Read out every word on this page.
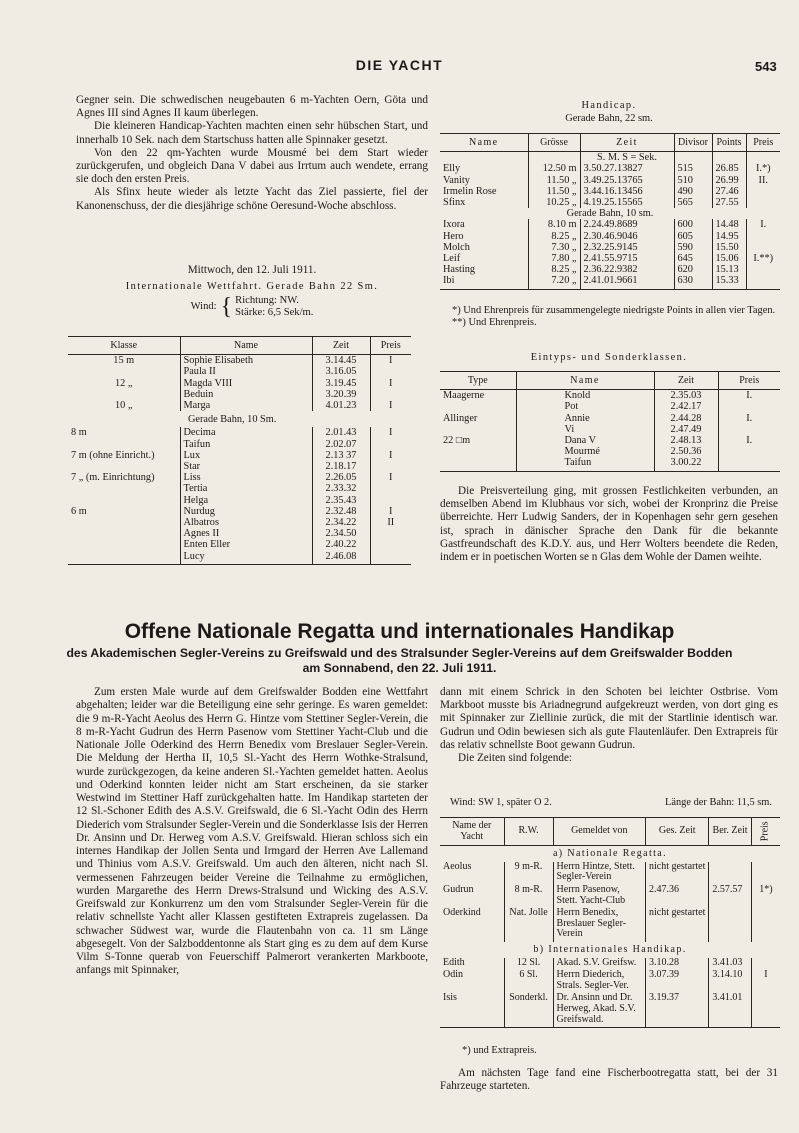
DIE YACHT	543

Gegner sein. Die schwedischen neugebauten 6 m-Yachten Oern, Göta und Agnes III sind Agnes II kaum überlegen.

Die kleineren Handicap-Yachten machten einen sehr hübschen Start, und innerhalb 10 Sek. nach dem Startschuss hatten alle Spinnaker gesetzt.

Von den 22 qm-Yachten wurde Mousmé bei dem Start wieder zurückgerufen, und obgleich Dana V dabei aus Irrtum auch wendete, errang sie doch den ersten Preis.

Als Sfinx heute wieder als letzte Yacht das Ziel passierte, fiel der Kanonenschuss, der die diesjährige schöne Oeresund-Woche abschloss.

Mittwoch, den 12. Juli 1911.

Internationale Wettfahrt. Gerade Bahn 22 Sm.

Wind: { Richtung: NW.
Stärke: 6,5 Sek/m.
Klasse	Name	Zeit	Preis
15 m	Sophie Elisabeth	3.14.45	I
	Paula II	3.16.05	
12 „	Magda VIII	3.19.45	I
	Beduin	3.20.39	
10 „	Marga	4.01.23	I
Gerade Bahn, 10 Sm.			
8 m	Decima	2.01.43	I
	Taifun	2.02.07	
7 m (ohne Einricht.)	Lux	2.13 37	I
	Star	2.18.17	
7 „ (m. Einrichtung)	Liss	2.26.05	I
	Tertia	2.33.32	
	Helga	2.35.43	
6 m	Nurdug	2.32.48	I
	Albatros	2.34.22	II
	Agnes II	2.34.50	
	Enten Eller	2.40.22	
	Lucy	2.46.08	

Handicap.

Gerade Bahn, 22 sm.

Name	Grösse	Zeit	Divisor	Points	Preis
		S. M. S = Sek.			
Elly	12.50 m	3.50.27.13827	515	26.85	I.*)
Vanity	11.50 „	3.49.25.13765	510	26.99	II.
Irmelin Rose	11.50 „	3.44.16.13456	490	27.46	
Sfinx	10.25 „	4.19.25.15565	565	27.55	
Gerade Bahn, 10 sm.					
Ixora	8.10 m	2.24.49.8689	600	14.48	I.
Hero	8.25 „	2.30.46.9046	605	14.95	
Molch	7.30 „	2.32.25.9145	590	15.50	
Leif	7.80 „	2.41.55.9715	645	15.06	I.**)
Hasting	8.25 „	2.36.22.9382	620	15.13	
Ibi	7.20 „	2.41.01.9661	630	15.33	
*) Und Ehrenpreis für zusammengelegte niedrigste Points in allen vier Tagen.
**) Und Ehrenpreis.

Eintyps- und Sonderklassen.

Type	Name	Zeit	Preis
Maagerne	Knold	2.35.03	I.
	Pot	2.42.17	
Allinger	Annie	2.44.28	I.
	Vi	2.47.49	
22 □m	Dana V	2.48.13	I.
	Mourmé	2.50.36	
	Taifun	3.00.22	

Die Preisverteilung ging, mit grossen Festlichkeiten verbunden, an demselben Abend im Klubhaus vor sich, wobei der Kronprinz die Preise überreichte. Herr Ludwig Sanders, der in Kopenhagen sehr gern gesehen ist, sprach in dänischer Sprache den Dank für die bekannte Gastfreundschaft des K.D.Y. aus, und Herr Wolters beendete die Reden, indem er in poetischen Worten se n Glas dem Wohle der Damen weihte.

Offene Nationale Regatta und internationales Handikap
des Akademischen Segler-Vereins zu Greifswald und des Stralsunder Segler-Vereins auf dem Greifswalder Bodden
am Sonnabend, den 22. Juli 1911.

Zum ersten Male wurde auf dem Greifswalder Bodden eine Wettfahrt abgehalten; leider war die Beteiligung eine sehr geringe. Es waren gemeldet: die 9 m-R-Yacht Aeolus des Herrn G. Hintze vom Stettiner Segler-Verein, die 8 m-R-Yacht Gudrun des Herrn Pasenow vom Stettiner Yacht-Club und die Nationale Jolle Oderkind des Herrn Benedix vom Breslauer Segler-Verein. Die Meldung der Hertha II, 10,5 Sl.-Yacht des Herrn Wothke-Stralsund, wurde zurückgezogen, da keine anderen Sl.-Yachten gemeldet hatten. Aeolus und Oderkind konnten leider nicht am Start erscheinen, da sie starker Westwind im Stettiner Haff zurückgehalten hatte. Im Handikap starteten der 12 Sl.-Schoner Edith des A.S.V. Greifswald, die 6 Sl.-Yacht Odin des Herrn Diederich vom Stralsunder Segler-Verein und die Sonderklasse Isis der Herren Dr. Ansinn und Dr. Herweg vom A.S.V. Greifswald. Hieran schloss sich ein internes Handikap der Jollen Senta und Irmgard der Herren Ave Lallemand und Thinius vom A.S.V. Greifswald. Um auch den älteren, nicht nach Sl. vermessenen Fahrzeugen beider Vereine die Teilnahme zu ermöglichen, wurden Margarethe des Herrn Drews-Stralsund und Wicking des A.S.V. Greifswald zur Konkurrenz um den vom Stralsunder Segler-Verein für die relativ schnellste Yacht aller Klassen gestifteten Extrapreis zugelassen. Da schwacher Südwest war, wurde die Flautenbahn von ca. 11 sm Länge abgesegelt. Von der Salzboddentonne als Start ging es zu dem auf dem Kurse Vilm S-Tonne querab von Feuerschiff Palmerort verankerten Markboote, anfangs mit Spinnaker,

dann mit einem Schrick in den Schoten bei leichter Ostbrise. Vom Markboot musste bis Ariadnegrund aufgekreuzt werden, von dort ging es mit Spinnaker zur Ziellinie zurück, die mit der Startlinie identisch war. Gudrun und Odin bewiesen sich als gute Flautenläufer. Den Extrapreis für das relativ schnellste Boot gewann Gudrun.

Die Zeiten sind folgende:

Wind: SW 1, später O 2.	Länge der Bahn: 11,5 sm.
Name der Yacht	R.W.	Gemeldet von	Ges. Zeit	Ber. Zeit	Preis
a) Nationale Regatta.					
Aeolus	9 m-R.	Herrn Hintze, Stett. Segler-Verein	nicht gestartet		
Gudrun	8 m-R.	Herrn Pasenow, Stett. Yacht-Club	2.47.36	2.57.57	1*)
Oderkind	Nat. Jolle	Herrn Benedix, Breslauer Segler-Verein	nicht gestartet		
b) Internationales Handikap.					
Edith	12 Sl.	Akad. S.V. Greifsw.	3.10.28	3.41.03	
Odin	6 Sl.	Herrn Diederich, Strals. Segler-Ver.	3.07.39	3.14.10	I
Isis	Sonderkl.	Dr. Ansinn und Dr. Herweg, Akad. S.V. Greifswald.	3.19.37	3.41.01	
*) und Extrapreis.

Am nächsten Tage fand eine Fischerbootregatta statt, bei der 31 Fahrzeuge starteten.
